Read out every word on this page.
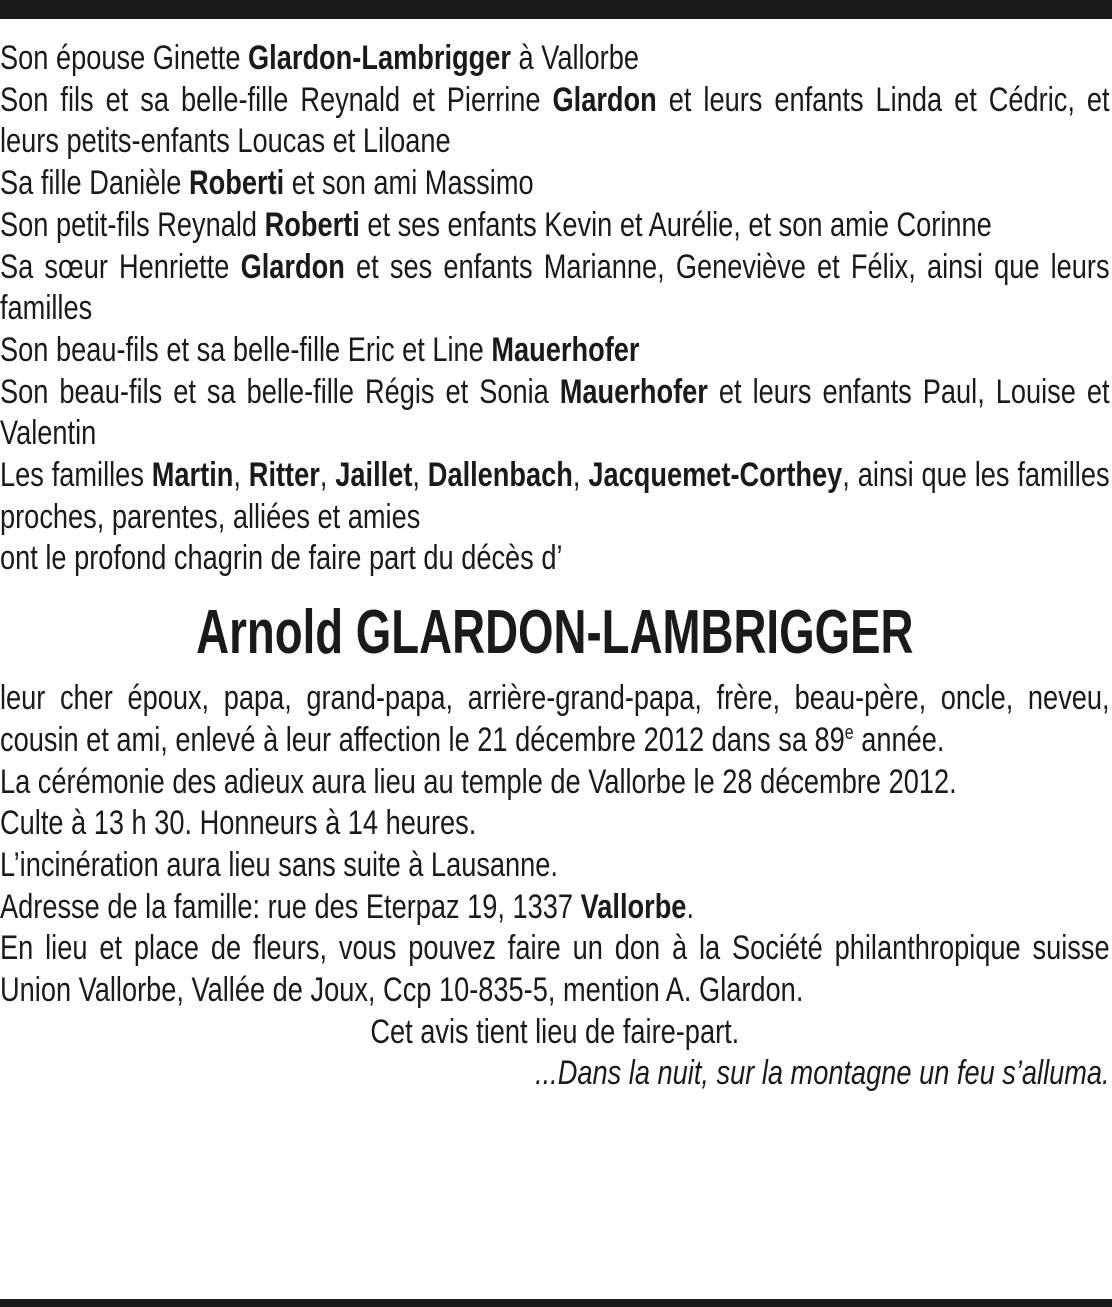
Son épouse Ginette Glardon-Lambrigger à Vallorbe

Son fils et sa belle-fille Reynald et Pierrine Glardon et leurs enfants Linda et Cédric, et leurs petits-enfants Loucas et Liloane

Sa fille Danièle Roberti et son ami Massimo

Son petit-fils Reynald Roberti et ses enfants Kevin et Aurélie, et son amie Corinne

Sa sœur Henriette Glardon et ses enfants Marianne, Geneviève et Félix, ainsi que leurs familles

Son beau-fils et sa belle-fille Eric et Line Mauerhofer

Son beau-fils et sa belle-fille Régis et Sonia Mauerhofer et leurs enfants Paul, Louise et Valentin

Les familles Martin, Ritter, Jaillet, Dallenbach, Jacquemet-Corthey, ainsi que les familles proches, parentes, alliées et amies

ont le profond chagrin de faire part du décès d’

Arnold GLARDON-LAMBRIGGER

leur cher époux, papa, grand-papa, arrière-grand-papa, frère, beau-père, oncle, neveu, cousin et ami, enlevé à leur affection le 21 décembre 2012 dans sa 89e année.

La cérémonie des adieux aura lieu au temple de Vallorbe le 28 décembre 2012.

Culte à 13 h 30. Honneurs à 14 heures.

L’incinération aura lieu sans suite à Lausanne.

Adresse de la famille: rue des Eterpaz 19, 1337 Vallorbe.

En lieu et place de fleurs, vous pouvez faire un don à la Société philanthropique suisse Union Vallorbe, Vallée de Joux, Ccp 10-835-5, mention A. Glardon.

Cet avis tient lieu de faire-part.

...Dans la nuit, sur la montagne un feu s’alluma.
